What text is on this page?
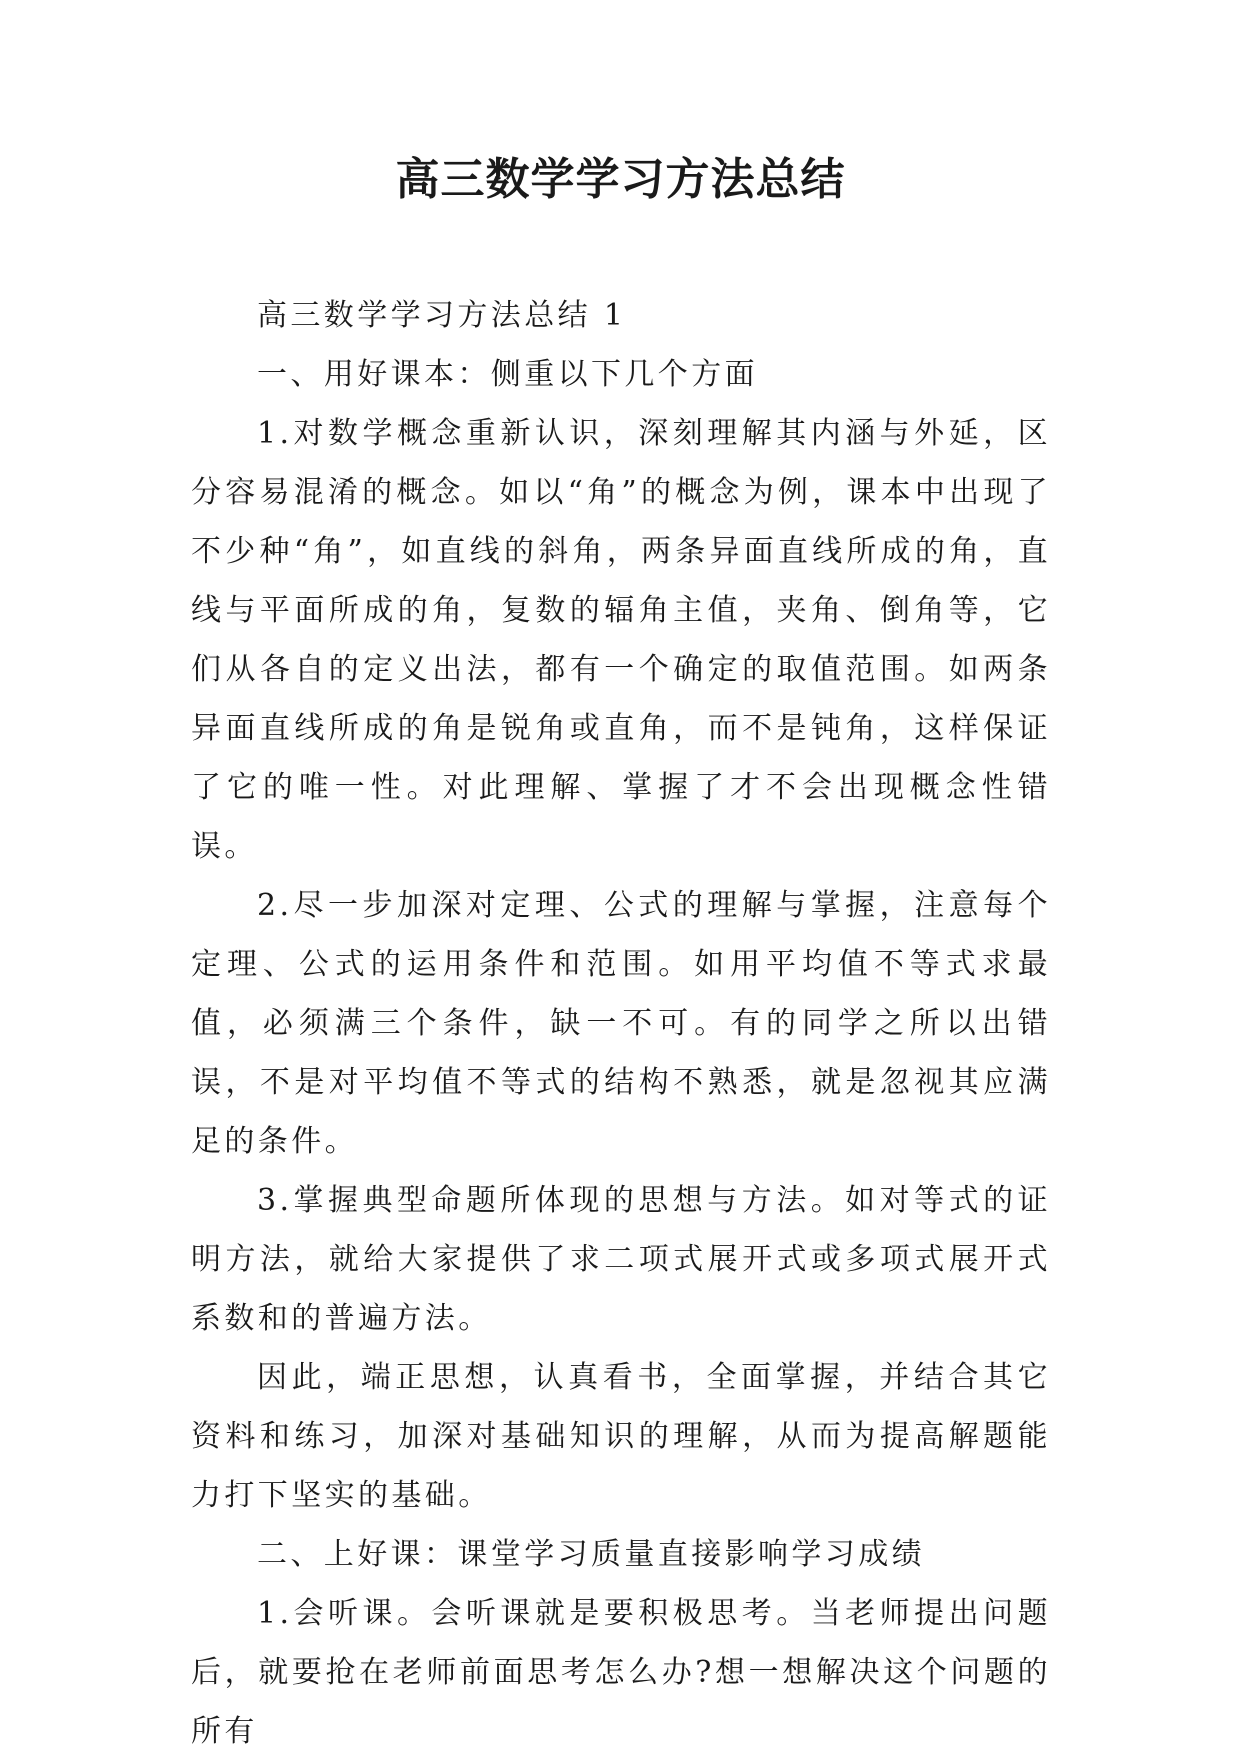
高三数学学习方法总结

高三数学学习方法总结 1

一、用好课本：侧重以下几个方面

1.对数学概念重新认识，深刻理解其内涵与外延，区分容易混淆的概念。如以“角”的概念为例，课本中出现了不少种“角”，如直线的斜角，两条异面直线所成的角，直线与平面所成的角，复数的辐角主值，夹角、倒角等，它们从各自的定义出法，都有一个确定的取值范围。如两条异面直线所成的角是锐角或直角，而不是钝角，这样保证了它的唯一性。对此理解、掌握了才不会出现概念性错误。

2.尽一步加深对定理、公式的理解与掌握，注意每个定理、公式的运用条件和范围。如用平均值不等式求最值，必须满三个条件，缺一不可。有的同学之所以出错误，不是对平均值不等式的结构不熟悉，就是忽视其应满足的条件。

3.掌握典型命题所体现的思想与方法。如对等式的证明方法，就给大家提供了求二项式展开式或多项式展开式系数和的普遍方法。

因此，端正思想，认真看书，全面掌握，并结合其它资料和练习，加深对基础知识的理解，从而为提高解题能力打下坚实的基础。

二、上好课：课堂学习质量直接影响学习成绩

1.会听课。会听课就是要积极思考。当老师提出问题后，就要抢在老师前面思考怎么办?想一想解决这个问题的所有
